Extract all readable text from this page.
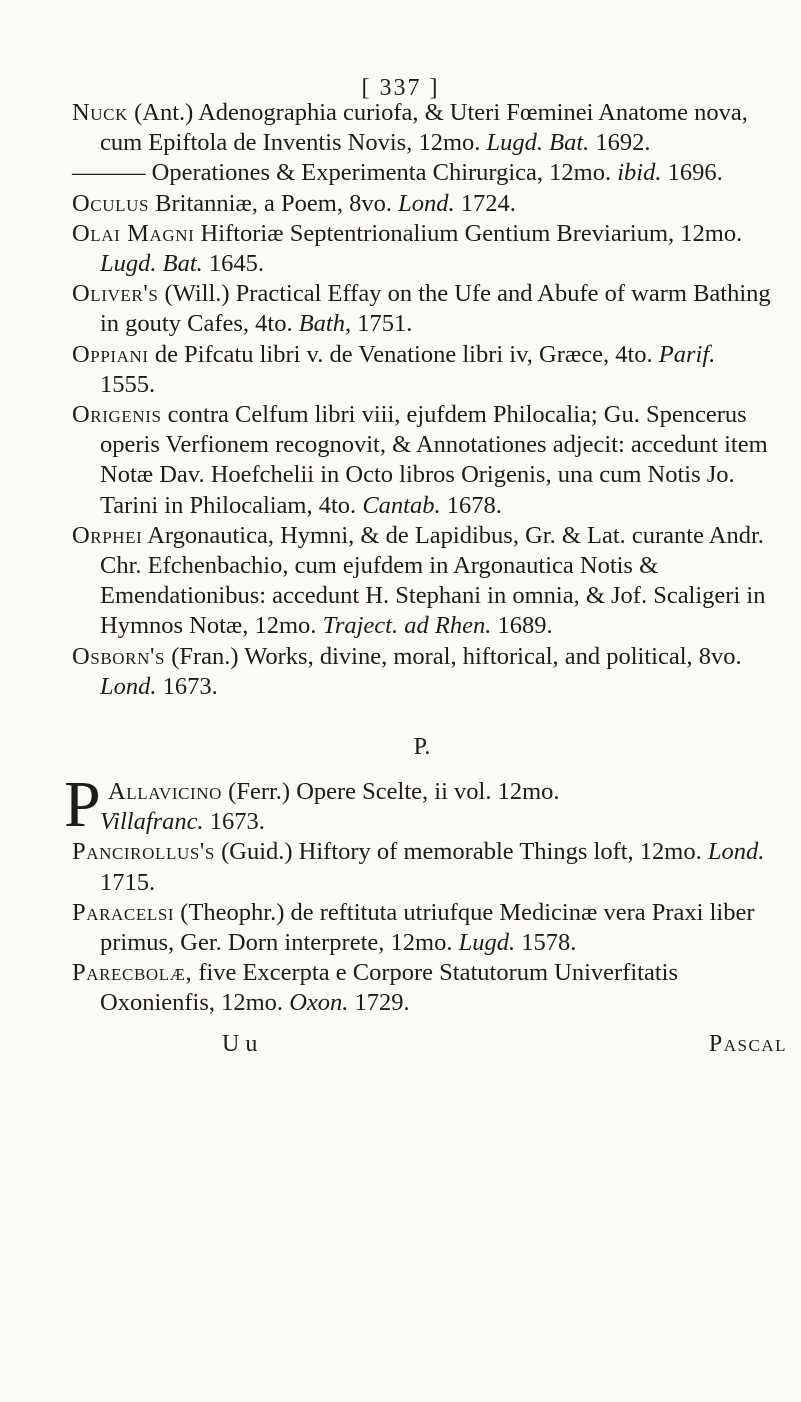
[ 337 ]

Nuck (Ant.) Adenographia curiofa, & Uteri Fœminei Anatome nova, cum Epiftola de Inventis Novis, 12mo. Lugd. Bat. 1692.

——— Operationes & Experimenta Chirurgica, 12mo. ibid. 1696.

Oculus Britanniæ, a Poem, 8vo. Lond. 1724.

Olai Magni Hiftoriæ Septentrionalium Gentium Breviarium, 12mo. Lugd. Bat. 1645.

Oliver's (Will.) Practical Effay on the Ufe and Abufe of warm Bathing in gouty Cafes, 4to. Bath, 1751.

Oppiani de Pifcatu libri v. de Venatione libri iv, Græce, 4to. Parif. 1555.

Origenis contra Celfum libri viii, ejufdem Philocalia; Gu. Spencerus operis Verfionem recognovit, & Annotationes adjecit: accedunt item Notæ Dav. Hoefchelii in Octo libros Origenis, una cum Notis Jo. Tarini in Philocaliam, 4to. Cantab. 1678.

Orphei Argonautica, Hymni, & de Lapidibus, Gr. & Lat. curante Andr. Chr. Efchenbachio, cum ejufdem in Argonautica Notis & Emendationibus: accedunt H. Stephani in omnia, & Jof. Scaligeri in Hymnos Notæ, 12mo. Traject. ad Rhen. 1689.

Osborn's (Fran.) Works, divine, moral, hiftorical, and political, 8vo. Lond. 1673.

P.

P Allavicino (Ferr.) Opere Scelte, ii vol. 12mo.
Villafranc. 1673.

Pancirollus's (Guid.) Hiftory of memorable Things loft, 12mo. Lond. 1715.

Paracelsi (Theophr.) de reftituta utriufque Medicinæ vera Praxi liber primus, Ger. Dorn interprete, 12mo. Lugd. 1578.

Parecbolæ, five Excerpta e Corpore Statutorum Univerfitatis Oxonienfis, 12mo. Oxon. 1729.

U u	Pascal
